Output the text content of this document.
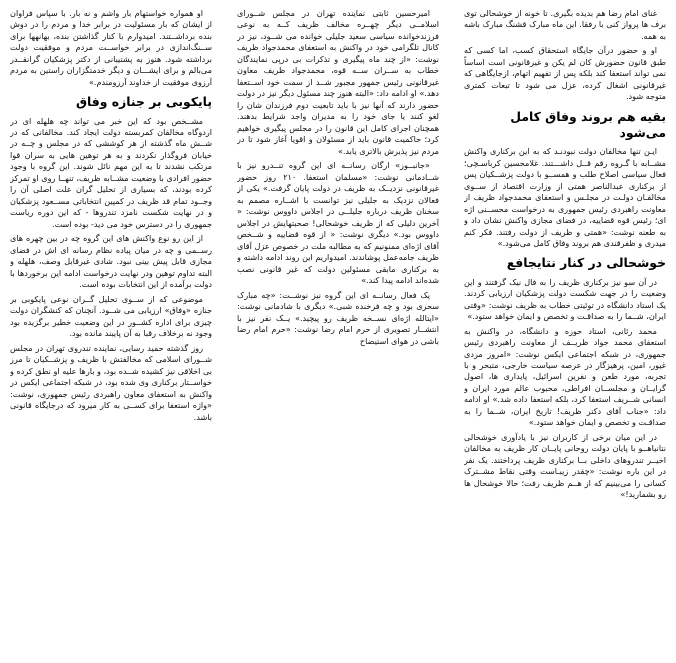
غنای امام رضا هم بدیده بگیری. تا خونه از خوشحالی توی برف ها پرواز کنی با رفقا. این ماه مبارک قشنگ مبارک باشه به همه.

او و حضور درآن جایگاه استحقاق کسب، اما کسی که طبق قانون حضورش کان لم یکن و غیرقانونی است اساساً نمی تواند استعفا کند بلکه پس از تفهیم اتهام، ازجایگاهی که غیرقانونی اشغال کرده، عزل می شود تا تبعات کمتری متوجه شود.

بقیه هم بروند وفاق کامل می‌شود

ایـن تنها مخالفان دولت نبودنـد که به این برکناری واکنش مشــابه با گـروه رقم قــل داشـــتند. غلامحسین کرباسـچی؛ فعال سیاسی اصلاح طلب و همســو با دولت پزشــکیان پس از برکناری عبدالناصر همتی از وزارت اقتصاد از ســوی مخالفـان دولـت در مجلـس و استعفای محمدجواد ظریف از معاونت راهبردی رئیس جمهوری به درخواست محســنی اژه ای؛ رئیس قوه قضاییه، در فضای مجازی واکنش نشان داد و به طعنه نوشت: «همتی و ظریف از دولت رفتند. فکر کنم میدری و ظفرقندی هم بروند وفاق کامل می‌شود.»

خوشحالی در کنار نتایجافع

در آن سو نیز برکناری ظریف را به فال نیک گرفتند و این وضعیت را در جهت شکست دولت پزشکیان ارزیابی کردند. یک استاد دانشگاه در توئیتی خطاب به ظریف نوشت: «وقتی ایران، شــما را به صداقـت و تخصص و ایمان خواهد ستود.»

محمد رئانی، استاد حوزه و دانشگاه، در واکنش به استعفای محمد جواد ظریــف از معاونت راهبردی رئیس جمهوری، در شبکه اجتماعی ایکس نوشت: «امروز مردی غیور، امین، پرهیزگار در عرصه سیاست خارجی، متبحر و با تجربه، مورد طعن و نفرین اسرائیل، پایداری ها، اصول گرایــان و مجلســان افراطی، محبوب عالم مورد ایران و انسانی شــریف استعفا کرد، بلکه استعفا داده شد.» او ادامه داد: «جناب آقای دکتر ظریف! تاریخ ایران، شــما را به صداقـت و تخصص و ایمان خواهد ستود.»

در این میان برخی از کاربران نیز با یادآوری خوشحالی نتانیاهــو با پایان دولت روحانی پایــان کار ظریف به مخالفان اخیــر تندروهای داخلی بــا برکناری ظریف پرداختند. یک نفر در این باره نوشت: «چقدر زیبـاست وقتی نقاط مشــترک کسانی را می‌بینیم که از هــم ظریف رفت؛ حالا خوشحال ها رو بشمارید!»

امیرحسین ثابتی نماینده تهران در مجلس شــورای اسلامــی دیگر چهــره مخالف ظریف کــه به نوعی فرزندخوانده سیاسی سعید جلیلی خوانده می شــود، نیز در کانال تلگرامی خود در واکنش به استعفای محمدجواد ظریف نوشت: «از چند ماه پیگیری و تذکرات بی درپی نمایندگان خطاب به ســران ســه قوه، محمدجواد ظریف معاون غیرقانونی رئیس جمهور مجبور شــد از سمت خود اســتعفا دهد.» او ادامه داد: «البته هنوز چند مسئول دیگر نیز در دولت حضور دارند که آنها نیز با باید تابعیت دوم فرزندان شان را لغو کنند یا جای خود را به مدیران واجد شرایط بدهند. همچنان اجرای کامل این قانون را در مجلس پیگیری خواهیم کرد؛ حاکمیت قانون باید از مسئولان و اقویا آغاز شود تا در مردم نیز پذیرش بالاتری یابد.»

«جانبــوز» ارگان رسانــه ای این گروه تنــدرو نیز با شــادمانی نوشت: «مسلمان استعفا. ۲۱۰ روز حضور غیرقانونی نزدیــک به ظریف در دولت پایان گرفت.» یکی از فعالان نزدیک به جلیلی نیز توانست با اشــاره مصمم به سخنان ظریف درباره جلیلــی در اجلاس داووس نوشت: « آخرین دلیلی که از ظریف خوشحالی! صحبتهایش در اجلاس داووس بود.» دیگری نوشت: « از قوه قضاییه و شــخص آقای اژه‌ای ممنونیم که به مطالبه ملت در خصوص عزل آقای ظریف جامه‌عمل پوشاندند. امیدواریم این روند ادامه داشته و به برکناری مابقی مسئولین دولت که غیر قانونی نصب شده‌اند ادامه پیدا کند.»

یک فعال رسانــه ای این گروه نیز نوشــت: «چه مبارک سحری بود و چه فرخنده شبی.» دیگری با شادمانی نوشت: «ایتالله اژه‌ای نســخه ظریف رو پیچید.» یــک نفر نیز با انتشــار تصویری از حرم امام رضا نوشت: «حرم امام رضا باشی در هوای استیضاح

او همواره خواستهام بار واشم و نه بار. با سپاس فراوان از ایشان که بار مسئولیت در برابر خدا و مردم را در دوش بنده برداشــتند. امیدوارم با کنار گذاشتن بنده، بهانهها برای ســنگ‌اندازی در برابر خواســت مردم و موفقیت دولت برداشته شود. هنوز به پشتیبانی از دکتر پزشکیان گرانقــدر می‌بالم و برای ایشـــان و دیگر خدمتگزاران راستین به مردم آرزوی موفقیت از خداوند آرزومندم.»

پایکوبی بر جنازه وفاق

مشــخص بود که این خبر می تواند چه هلهله ای در اردوگاه مخالفان کمربسته دولت ایجاد کند. مخالفانی که در شــش ماه گذشته از هر کوششی که در مجلس و چــه در خیابان فروگذار نکردند و به هر توهین هایی به سران قوا مرتکب نشدند تا به این مهم نائل شوند. این گروه با وجود حضور افرادی با وضعیت مشــابه ظریف، تنهــا روی او تمرکز کرده بودند، که بسیاری از تحلیل گران علت اصلی آن را وجــود تمام قد ظریف در کمپین انتخاباتی مســعود پزشکیان و در نهایت شکست نامزد تندروها - که این دوره ریاست جمهوری را در دسترس خود می دید- بوده است.

از این رو نوع واکنش های این گروه چه در بین چهره های رســمی و چه در میان پیاده نظام رسانه ای اش در فضای مجازی قابل پیش بینی نبود. شادی غیرقابل وصف، هلهله و البته تداوم توهین ودر نهایت درخواست ادامه این برخوردها با دولت برآمده از این انتخابات بوده است.

موضوعی که از ســوی تحلیل گــران نوعی پایکوبی بر جنازه «وفاق» ارزیابی می شــود. آنچنان که کنشگران دولت چیزی برای اداره کشــور در این وضعیت خطیر برگزیده بود وجود نه برخلاف رقبا به آن پایبند مانده بود.

روز گذشته حمید رسایی، نماینده تندروی تهران در مجلس شــورای اسلامی که مخالفتش با ظریف و پزشــکیان تا مرز بی اخلاقی نیز کشیده شــده بود، و بارها علیه او نطق کرده و خواســتار برکناری وی شده بود، در شبکه اجتماعی ایکس در واکنش به استعفای معاون راهبردی رئیس جمهوری، نوشت: «واژه استعفا برای کســی به کار میرود که درجایگاه قانونی باشد.
